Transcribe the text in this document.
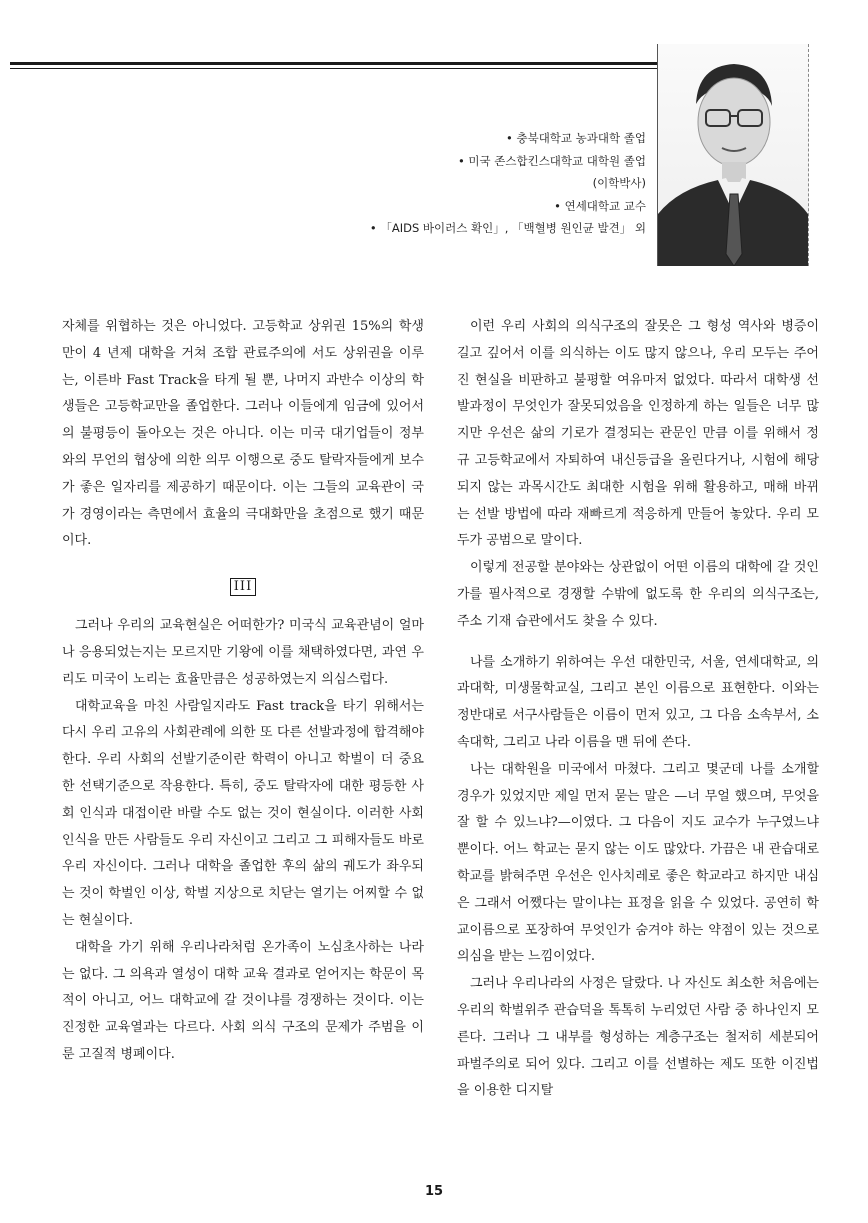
• 충북대학교 농과대학 졸업
• 미국 존스합킨스대학교 대학원 졸업
(이학박사)
• 연세대학교 교수
• 「AIDS 바이러스 확인」, 「백혈병 원인균 발견」 외

자체를 위협하는 것은 아니었다. 고등학교 상위권 15%의 학생만이 4 년제 대학을 거쳐 조합 관료주의에 서도 상위권을 이루는, 이른바 Fast Track을 타게 될 뿐, 나머지 과반수 이상의 학생들은 고등학교만을 졸업한다. 그러나 이들에게 임금에 있어서의 불평등이 돌아오는 것은 아니다. 이는 미국 대기업들이 정부와의 무언의 협상에 의한 의무 이행으로 중도 탈락자들에게 보수가 좋은 일자리를 제공하기 때문이다. 이는 그들의 교육관이 국가 경영이라는 측면에서 효율의 극대화만을 초점으로 했기 때문이다.

III

그러나 우리의 교육현실은 어떠한가? 미국식 교육관념이 얼마나 응용되었는지는 모르지만 기왕에 이를 채택하였다면, 과연 우리도 미국이 노리는 효율만큼은 성공하였는지 의심스럽다.

대학교육을 마친 사람일지라도 Fast track을 타기 위해서는 다시 우리 고유의 사회관례에 의한 또 다른 선발과정에 합격해야 한다. 우리 사회의 선발기준이란 학력이 아니고 학벌이 더 중요한 선택기준으로 작용한다. 특히, 중도 탈락자에 대한 평등한 사회 인식과 대접이란 바랄 수도 없는 것이 현실이다. 이러한 사회인식을 만든 사람들도 우리 자신이고 그리고 그 피해자들도 바로 우리 자신이다. 그러나 대학을 졸업한 후의 삶의 궤도가 좌우되는 것이 학벌인 이상, 학벌 지상으로 치닫는 열기는 어찌할 수 없는 현실이다.

대학을 가기 위해 우리나라처럼 온가족이 노심초사하는 나라는 없다. 그 의욕과 열성이 대학 교육 결과로 얻어지는 학문이 목적이 아니고, 어느 대학교에 갈 것이냐를 경쟁하는 것이다. 이는 진정한 교육열과는 다르다. 사회 의식 구조의 문제가 주범을 이룬 고질적 병폐이다.

이런 우리 사회의 의식구조의 잘못은 그 형성 역사와 병증이 길고 깊어서 이를 의식하는 이도 많지 않으나, 우리 모두는 주어진 현실을 비판하고 불평할 여유마저 없었다. 따라서 대학생 선발과정이 무엇인가 잘못되었음을 인정하게 하는 일들은 너무 많지만 우선은 삶의 기로가 결정되는 관문인 만큼 이를 위해서 정규 고등학교에서 자퇴하여 내신등급을 올린다거나, 시험에 해당되지 않는 과목시간도 최대한 시험을 위해 활용하고, 매해 바뀌는 선발 방법에 따라 재빠르게 적응하게 만들어 놓았다. 우리 모두가 공범으로 말이다.

이렇게 전공할 분야와는 상관없이 어떤 이름의 대학에 갈 것인가를 필사적으로 경쟁할 수밖에 없도록 한 우리의 의식구조는, 주소 기재 습관에서도 찾을 수 있다.

나를 소개하기 위하여는 우선 대한민국, 서울, 연세대학교, 의과대학, 미생물학교실, 그리고 본인 이름으로 표현한다. 이와는 정반대로 서구사람들은 이름이 먼저 있고, 그 다음 소속부서, 소속대학, 그리고 나라 이름을 맨 뒤에 쓴다.

나는 대학원을 미국에서 마쳤다. 그리고 몇군데 나를 소개할 경우가 있었지만 제일 먼저 묻는 말은 —너 무얼 했으며, 무엇을 잘 할 수 있느냐?—이였다. 그 다음이 지도 교수가 누구였느냐 뿐이다. 어느 학교는 묻지 않는 이도 많았다. 가끔은 내 관습대로 학교를 밝혀주면 우선은 인사치레로 좋은 학교라고 하지만 내심은 그래서 어쨌다는 말이냐는 표정을 읽을 수 있었다. 공연히 학교이름으로 포장하여 무엇인가 숨겨야 하는 약점이 있는 것으로 의심을 받는 느낌이었다.

그러나 우리나라의 사정은 달랐다. 나 자신도 최소한 처음에는 우리의 학벌위주 관습덕을 톡톡히 누리었던 사람 중 하나인지 모른다. 그러나 그 내부를 형성하는 계층구조는 철저히 세분되어 파벌주의로 되어 있다. 그리고 이를 선별하는 제도 또한 이진법을 이용한 디지탈

15
